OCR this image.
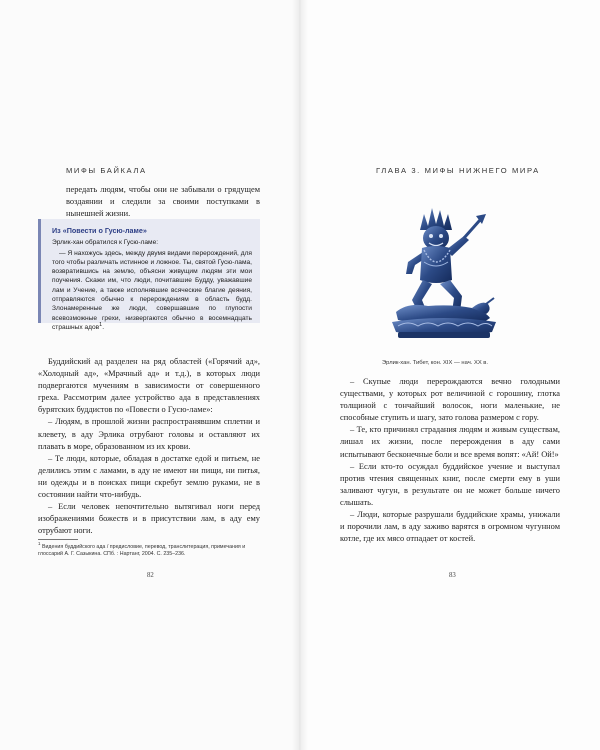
МИФЫ БАЙКАЛА

передать людям, чтобы они не забывали о грядущем воздаянии и следили за своими поступками в нынешней жизни.

Из «Повести о Гусю-ламе»

Эрлик-хан обратился к Гусю-ламе:

— Я нахожусь здесь, между двумя видами перерождений, для того чтобы различать истинное и ложное. Ты, святой Гусю-лама, возвратившись на землю, объясни живущим людям эти мои поучения. Скажи им, что люди, почитавшие Будду, уважавшие лам и Учение, а также исполнявшие всяческие благие деяния, отправляются обычно к перерождениям в область будд. Злонамеренные же люди, совершавшие по глупости всевозможные грехи, низвергаются обычно в восемнадцать страшных адов$^1$.

Буддийский ад разделен на ряд областей («Горячий ад», «Холодный ад», «Мрачный ад» и т.д.), в которых люди подвергаются мучениям в зависимости от совершенного греха. Рассмотрим далее устройство ада в представлениях бурятских буддистов по «Повести о Гусю-ламе»:

– Людям, в прошлой жизни распространявшим сплетни и клевету, в аду Эрлика отрубают головы и оставляют их плавать в море, образованном из их крови.

– Те люди, которые, обладая в достатке едой и питьем, не делились этим с ламами, в аду не имеют ни пищи, ни питья, ни одежды и в поисках пищи скребут землю руками, не в состоянии найти что-нибудь.

– Если человек непочтительно вытягивал ноги перед изображениями божеств и в присутствии лам, в аду ему отрубают ноги.

$^1$ Видения буддийского ада / предисловие, перевод, транслитерация, примечания и глоссарий А. Г. Сазыкина. СПб. : Нартанг, 2004. С. 235–236.
82
ГЛАВА 3. МИФЫ НИЖНЕГО МИРА

– Скупые люди перерождаются вечно голодными существами, у которых рот величиной с горошину, глотка толщиной с тончайший волосок, ноги маленькие, не способные ступить и шагу, зато голова размером с гору.

– Те, кто причинял страдания людям и живым существам, лишал их жизни, после перерождения в аду сами испытывают бесконечные боли и все время вопят: «Ай! Ой!»

– Если кто-то осуждал буддийское учение и выступал против чтения священных книг, после смерти ему в уши заливают чугун, в результате он не может больше ничего слышать.

– Люди, которые разрушали буддийские храмы, унижали и порочили лам, в аду заживо варятся в огромном чугунном котле, где их мясо отпадает от костей.

83
Эрлик-хан. Тибет, кон. XIX — нач. XX в.
